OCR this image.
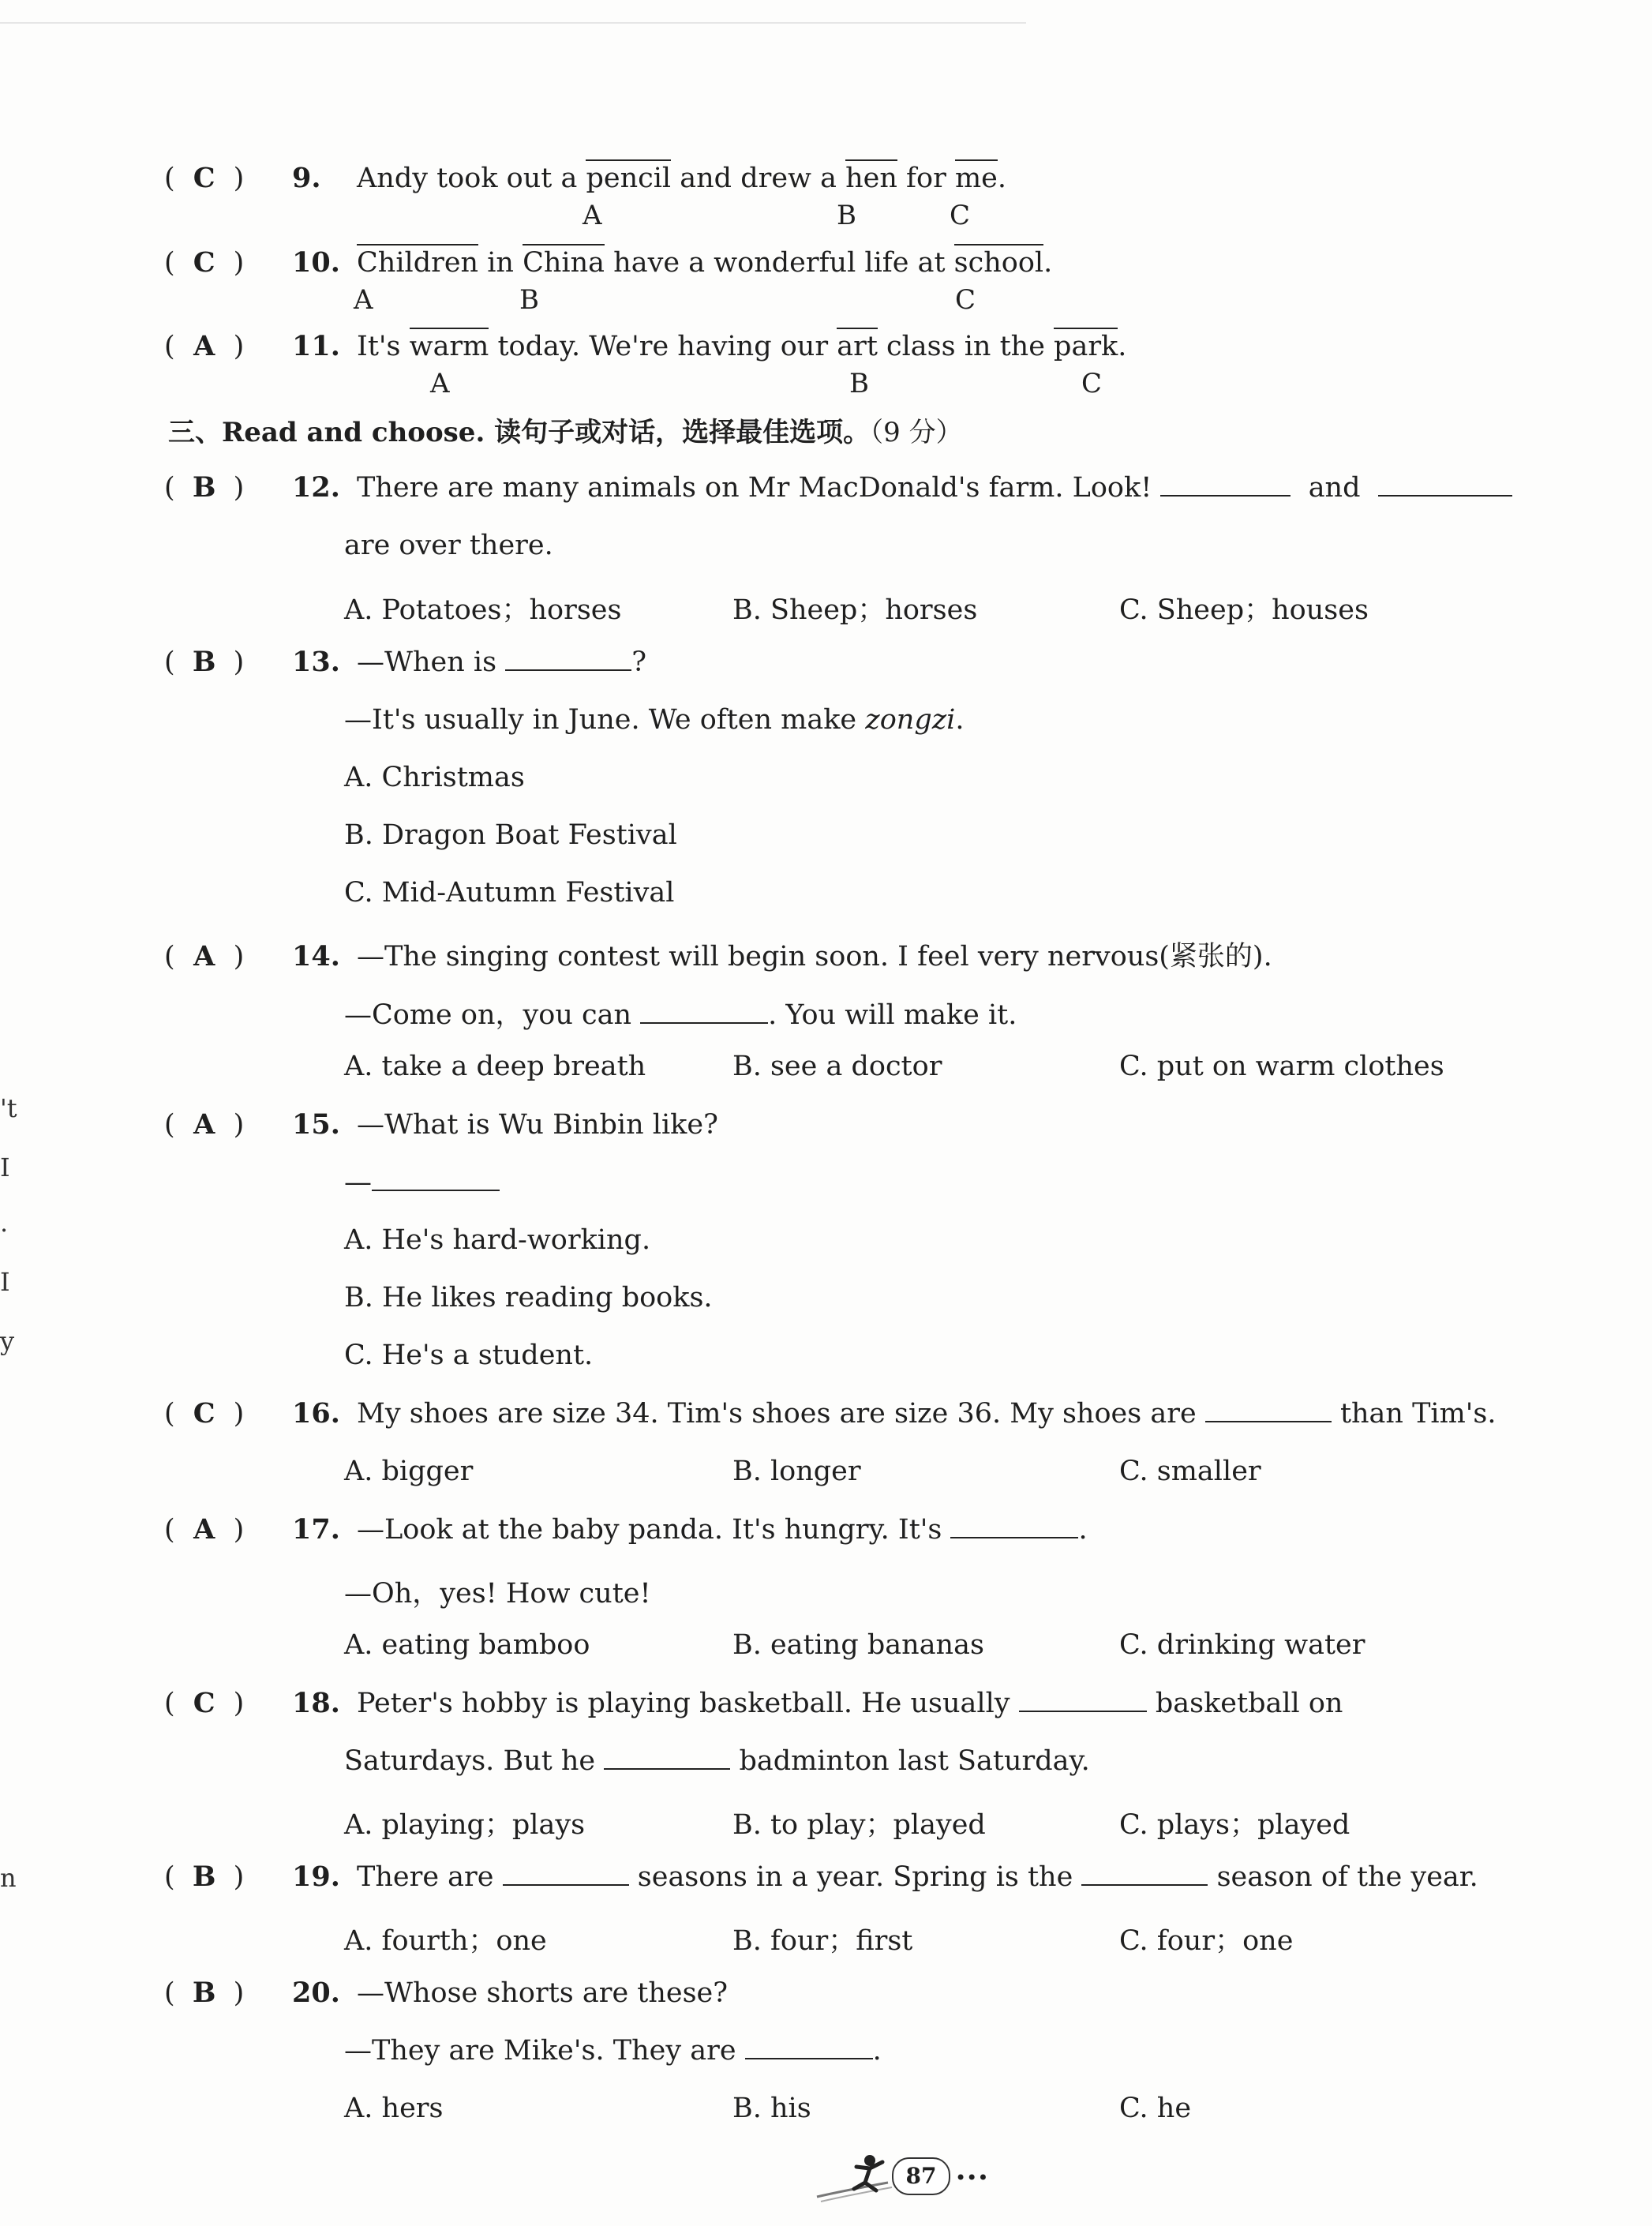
't
I
.
I
y
n
( C ) 9. Andy took out a pencil and drew a hen for me.
A	B	C
( C ) 10. Children in China have a wonderful life at school.
A	B	C
( A ) 11. It's warm today. We're having our art class in the park.
A	B	C
三、Read and choose. 读句子或对话，选择最佳选项。（9 分）
( B ) 12. There are many animals on Mr MacDonald's farm. Look!	and
are over there.
A. Potatoes；horses	B. Sheep；horses	C. Sheep；houses
( B ) 13. —When is	?
—It's usually in June. We often make zongzi.
A. Christmas
B. Dragon Boat Festival
C. Mid-Autumn Festival
( A ) 14. —The singing contest will begin soon. I feel very nervous(紧张的).
—Come on，you can	. You will make it.
A. take a deep breath	B. see a doctor	C. put on warm clothes
( A ) 15. —What is Wu Binbin like?
—
A. He's hard-working.
B. He likes reading books.
C. He's a student.
( C ) 16. My shoes are size 34. Tim's shoes are size 36. My shoes are	than Tim's.
A. bigger	B. longer	C. smaller
( A ) 17. —Look at the baby panda. It's hungry. It's	.
—Oh，yes! How cute!
A. eating bamboo	B. eating bananas	C. drinking water
( C ) 18. Peter's hobby is playing basketball. He usually	basketball on
Saturdays. But he	badminton last Saturday.
A. playing；plays	B. to play；played	C. plays；played
( B ) 19. There are	seasons in a year. Spring is the	season of the year.
A. fourth；one	B. four；first	C. four；one
( B ) 20. —Whose shorts are these?
—They are Mike's. They are	.
A. hers	B. his	C. he
87 •••
